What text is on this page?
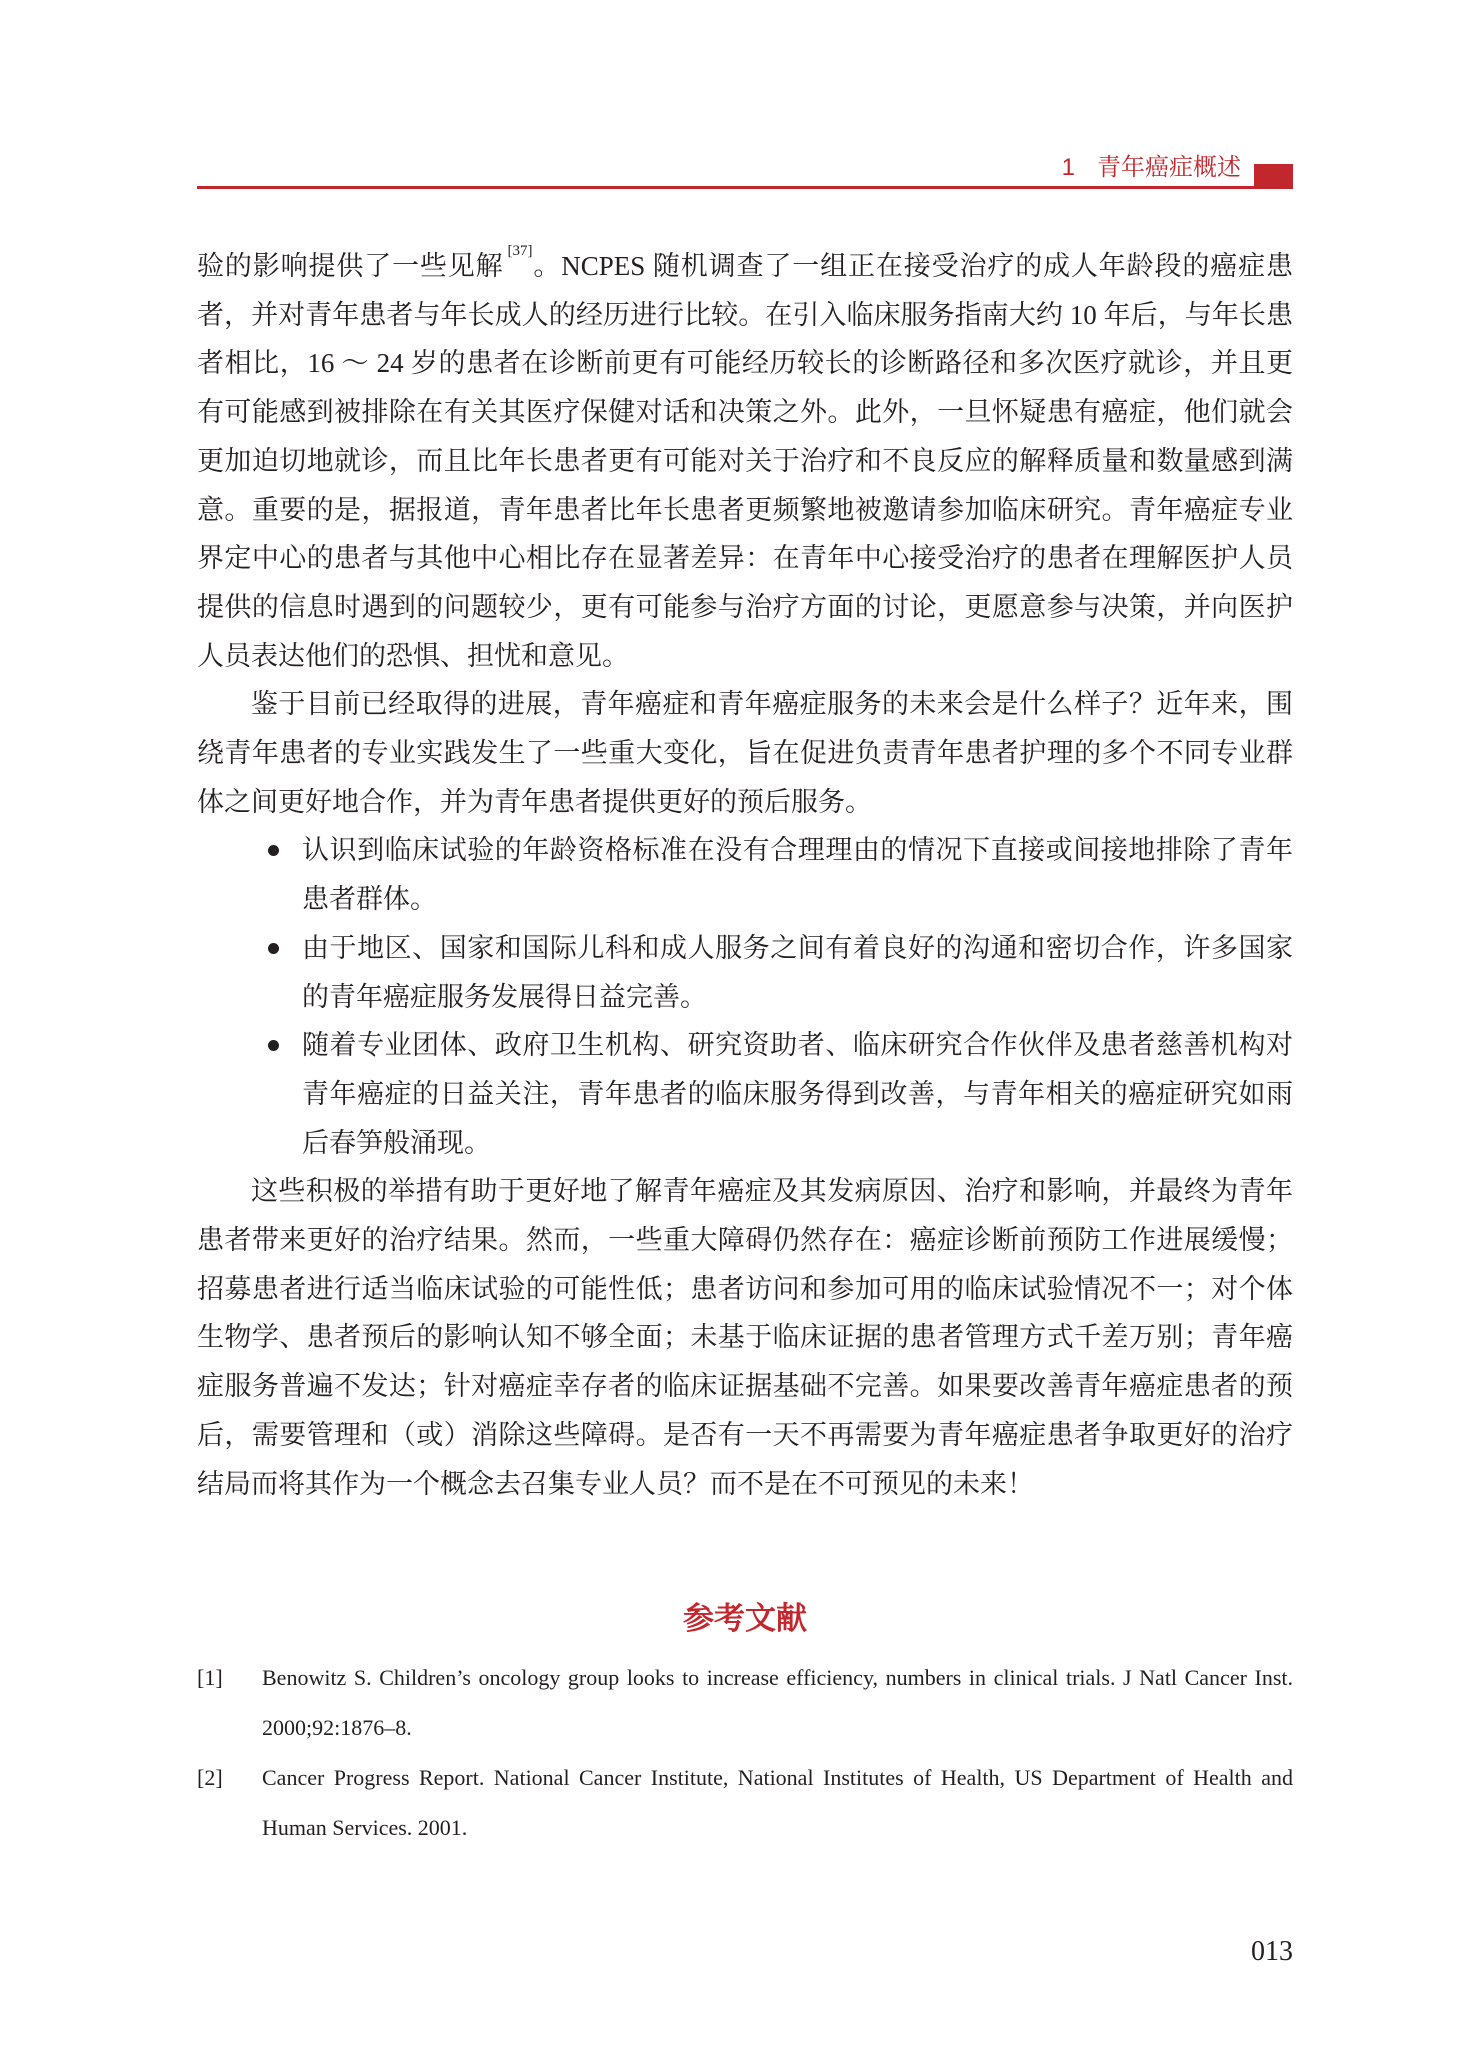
1 青年癌症概述

验的影响提供了一些见解 [37]。NCPES 随机调查了一组正在接受治疗的成人年龄段的癌症患者，并对青年患者与年长成人的经历进行比较。在引入临床服务指南大约 10 年后，与年长患者相比，16 ～ 24 岁的患者在诊断前更有可能经历较长的诊断路径和多次医疗就诊，并且更有可能感到被排除在有关其医疗保健对话和决策之外。此外，一旦怀疑患有癌症，他们就会更加迫切地就诊，而且比年长患者更有可能对关于治疗和不良反应的解释质量和数量感到满意。重要的是，据报道，青年患者比年长患者更频繁地被邀请参加临床研究。青年癌症专业界定中心的患者与其他中心相比存在显著差异：在青年中心接受治疗的患者在理解医护人员提供的信息时遇到的问题较少，更有可能参与治疗方面的讨论，更愿意参与决策，并向医护人员表达他们的恐惧、担忧和意见。

鉴于目前已经取得的进展，青年癌症和青年癌症服务的未来会是什么样子？近年来，围绕青年患者的专业实践发生了一些重大变化，旨在促进负责青年患者护理的多个不同专业群体之间更好地合作，并为青年患者提供更好的预后服务。

认识到临床试验的年龄资格标准在没有合理理由的情况下直接或间接地排除了青年患者群体。
由于地区、国家和国际儿科和成人服务之间有着良好的沟通和密切合作，许多国家的青年癌症服务发展得日益完善。
随着专业团体、政府卫生机构、研究资助者、临床研究合作伙伴及患者慈善机构对青年癌症的日益关注，青年患者的临床服务得到改善，与青年相关的癌症研究如雨后春笋般涌现。

这些积极的举措有助于更好地了解青年癌症及其发病原因、治疗和影响，并最终为青年患者带来更好的治疗结果。然而，一些重大障碍仍然存在：癌症诊断前预防工作进展缓慢；招募患者进行适当临床试验的可能性低；患者访问和参加可用的临床试验情况不一；对个体生物学、患者预后的影响认知不够全面；未基于临床证据的患者管理方式千差万别；青年癌症服务普遍不发达；针对癌症幸存者的临床证据基础不完善。如果要改善青年癌症患者的预后，需要管理和（或）消除这些障碍。是否有一天不再需要为青年癌症患者争取更好的治疗结局而将其作为一个概念去召集专业人员？而不是在不可预见的未来！

参考文献
[1] Benowitz S. Children’s oncology group looks to increase efficiency, numbers in clinical trials. J Natl Cancer Inst. 2000;92:1876–8.
[2] Cancer Progress Report. National Cancer Institute, National Institutes of Health, US Department of Health and Human Services. 2001.
013
